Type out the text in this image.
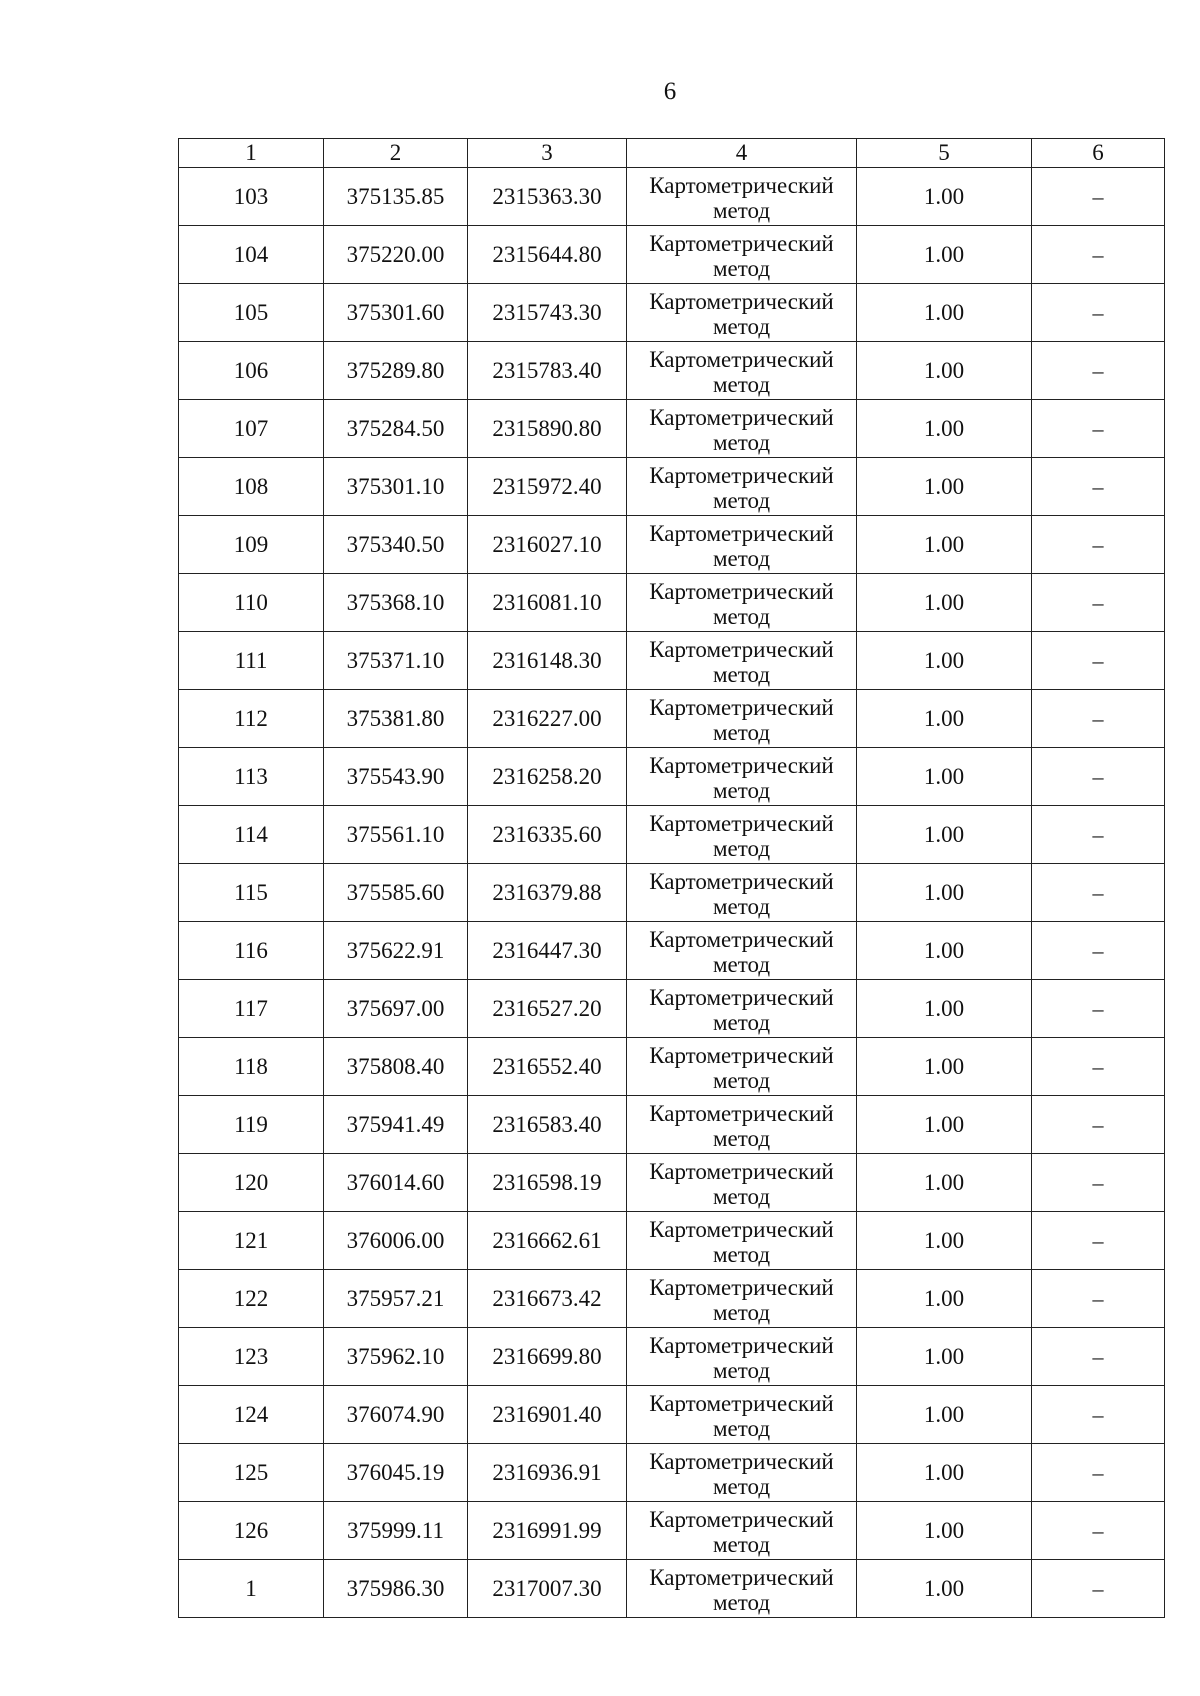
6
1	2	3	4	5	6
103	375135.85	2315363.30	Картометрический
метод	1.00	–
104	375220.00	2315644.80	Картометрический
метод	1.00	–
105	375301.60	2315743.30	Картометрический
метод	1.00	–
106	375289.80	2315783.40	Картометрический
метод	1.00	–
107	375284.50	2315890.80	Картометрический
метод	1.00	–
108	375301.10	2315972.40	Картометрический
метод	1.00	–
109	375340.50	2316027.10	Картометрический
метод	1.00	–
110	375368.10	2316081.10	Картометрический
метод	1.00	–
111	375371.10	2316148.30	Картометрический
метод	1.00	–
112	375381.80	2316227.00	Картометрический
метод	1.00	–
113	375543.90	2316258.20	Картометрический
метод	1.00	–
114	375561.10	2316335.60	Картометрический
метод	1.00	–
115	375585.60	2316379.88	Картометрический
метод	1.00	–
116	375622.91	2316447.30	Картометрический
метод	1.00	–
117	375697.00	2316527.20	Картометрический
метод	1.00	–
118	375808.40	2316552.40	Картометрический
метод	1.00	–
119	375941.49	2316583.40	Картометрический
метод	1.00	–
120	376014.60	2316598.19	Картометрический
метод	1.00	–
121	376006.00	2316662.61	Картометрический
метод	1.00	–
122	375957.21	2316673.42	Картометрический
метод	1.00	–
123	375962.10	2316699.80	Картометрический
метод	1.00	–
124	376074.90	2316901.40	Картометрический
метод	1.00	–
125	376045.19	2316936.91	Картометрический
метод	1.00	–
126	375999.11	2316991.99	Картометрический
метод	1.00	–
1	375986.30	2317007.30	Картометрический
метод	1.00	–
